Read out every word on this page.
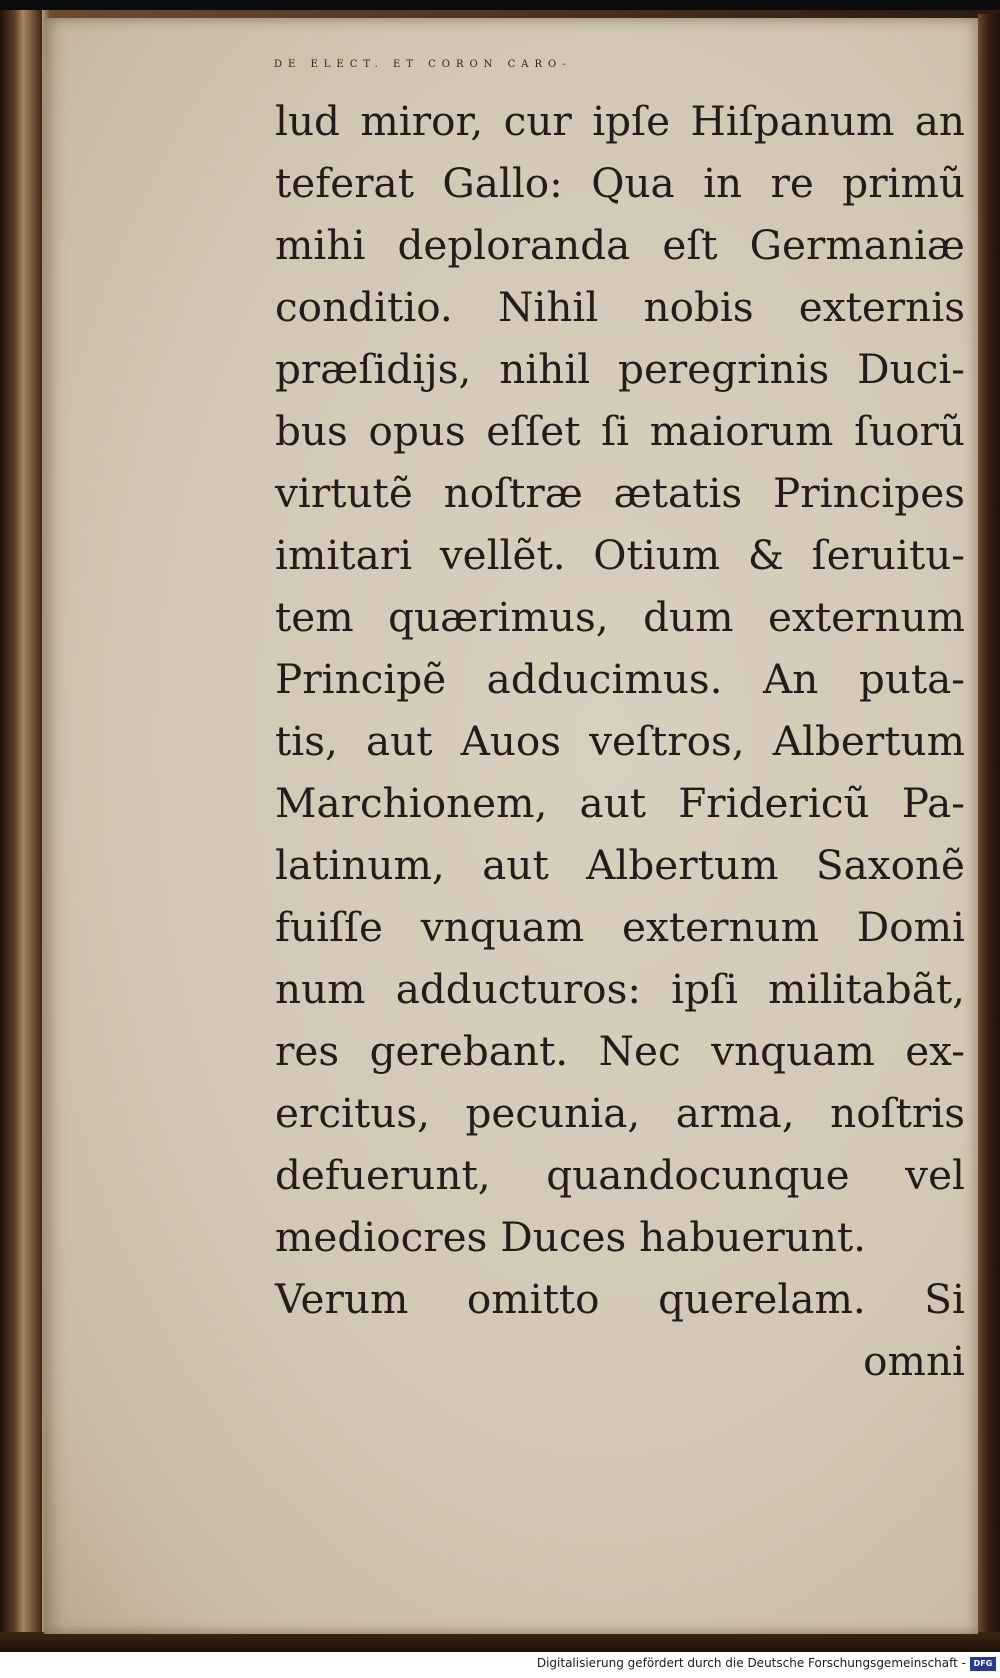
DE ELECT. ET CORON CARO-
lud miror, cur ipſe Hiſpanum an
teferat Gallo: Qua in re primũ
mihi deploranda eſt Germaniæ
conditio. Nihil nobis externis
præſidijs, nihil peregrinis Duci-
bus opus eſſet ſi maiorum ſuorũ
virtutẽ noſtræ ætatis Principes
imitari vellẽt. Otium & ſeruitu-
tem quærimus, dum externum
Principẽ adducimus. An puta-
tis, aut Auos veſtros, Albertum
Marchionem, aut Fridericũ Pa-
latinum, aut Albertum Saxonẽ
fuiſſe vnquam externum Domi
num adducturos: ipſi militabãt,
res gerebant. Nec vnquam ex-
ercitus, pecunia, arma, noſtris
defuerunt, quandocunque vel
mediocres Duces habuerunt.
Verum omitto querelam. Si
omni
Digitalisierung gefördert durch die Deutsche Forschungsgemeinschaft - DFG
